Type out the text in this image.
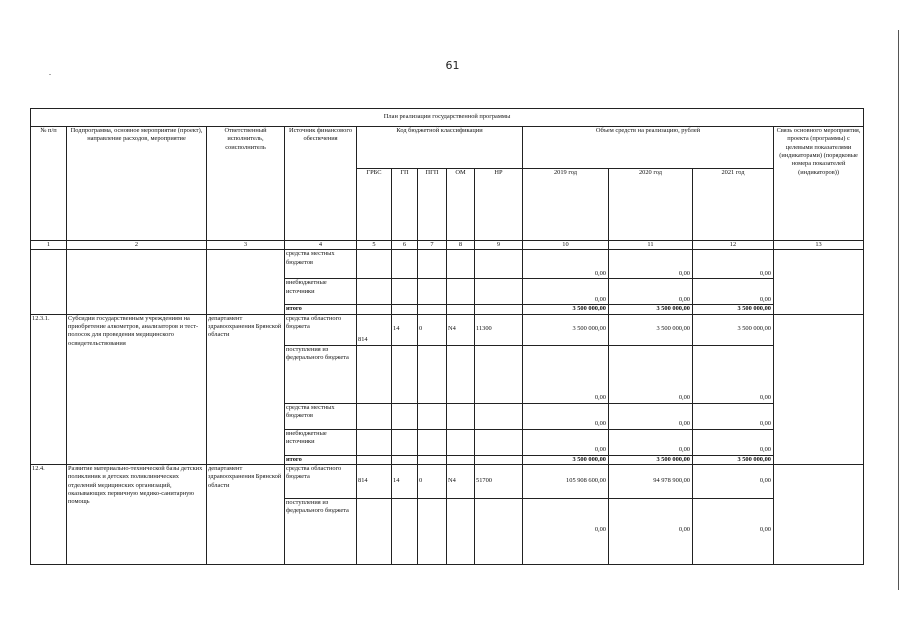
61
План реализации государственной программы												
№ п/п	Подпрограмма, основное мероприятие (проект), направление расходов, мероприятие	Ответственный исполнитель, соисполнитель	Источник финансового обеспечения	Код бюджетной классификации					Объем средств на реализацию, рублей			Связь основного мероприятия, проекта (программы) с целевыми показателями (индикаторами) (порядковые номера показателей (индикаторов))
				ГРБС	ГП	ПГП	ОМ	НР	2019 год	2020 год	2021 год	
1	2	3	4	5	6	7	8	9	10	11	12	13
			средства местных бюджетов						0,00	0,00	0,00	
			внебюджетные источники						0,00	0,00	0,00	
			итого						3 500 000,00	3 500 000,00	3 500 000,00	
12.3.1.	Субсидии государственным учреждениям на приобретение алкометров, анализаторов и тест-полосок для проведения медицинского освидетельствования	департамент здравоохранения Брянской области	средства областного бюджета	814	14	0	N4	11300	3 500 000,00	3 500 000,00	3 500 000,00	
			поступления из федерального бюджета						0,00	0,00	0,00	
			средства местных бюджетов						0,00	0,00	0,00	
			внебюджетные источники						0,00	0,00	0,00	
			итого						3 500 000,00	3 500 000,00	3 500 000,00	
12.4.	Развитие материально-технической базы детских поликлиник и детских поликлинических отделений медицинских организаций, оказывающих первичную медико-санитарную помощь	департамент здравоохранения Брянской области	средства областного бюджета	814	14	0	N4	51700	105 908 600,00	94 978 900,00	0,00	
			поступления из федерального бюджета						0,00	0,00	0,00	
